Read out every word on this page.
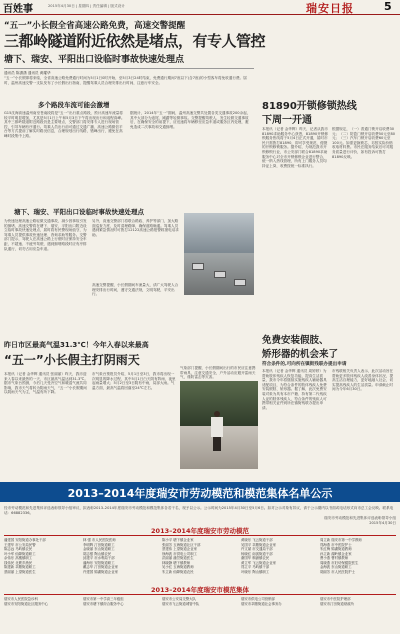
百姓事	2015年4月30日 | 星期四 | 责任编辑 | 版式设计	瑞安日报	5
“五一”小长假全省高速公路免费，高速交警提醒
三都岭隧道附近依然是堵点，有专人管控
塘下、瑞安、平阳出口设临时事故快速处理点
通讯员 陈潇潇 通讯员 黄耀华
“五一”小长假即将来临，全省高速公路免费通行时间为5月1日0时开始，至5月3日24时结束，免费通行期间7座以下(含7座)的小型客车将免收通行费。届时，温州高速交警一支队发布了小长假出行指南，提醒驾乘人员合理安排出行时间，注意行车安全。
多个路段车流可能会激增
G15沈海高速温州南至苍南段将是“五一”出行重点路段，预计高速车流量将较平时明显增加，尤其是5月1日上午和5月3日下午将出现出行和返程高峰。其中三都岭隧道附近路段仍是主要堵点，交警部门将安排专人进行现场管控，引导车辆有序通行。驾乘人员出行前可通过交通广播、高速公路微信平台等方式提前了解实时路况信息，合理规划出行线路，错峰出行，避免在高峰时段集中上路。
据统计，2014年“五一”期间，温州高速交警共处置各类交通事故200余起，其中大部分为追尾、剐蹭等轻微事故。交警提醒驾驶人，发生轻微交通事故后，在确保安全的前提下，应迅速将车辆移至应急车道或服务区内处理，避免造成二次事故和交通拥堵。
塘下、瑞安、平阳出口设临时事故快速处理点
为快速处理高速公路轻微交通事故，减少因事故引发的拥堵，高速交警将在塘下、瑞安、平阳出口附近设立临时事故快速处理点，届时将有民警现场值守，为驾乘人员提供事故快速处理、咨询求助等服务。交警部门提示，驾驶人在高速公路上行驶时应保持安全车距，不超速、不疲劳驾驶，遇到拥堵路段时应有序排队通行，切勿占用应急车道。
另外，高速交警部门将联合路政、养护等部门，加大路面巡查力度，及时清理路障，确保道路畅通。驾乘人员遇到紧急情况时可拨打12122高速公路报警救援电话求助。
高速交警提醒，小长假期间车流量大，请广大驾驶人合理安排出行时间，遵守交通法规，文明驾驶，平安出行。
81890开锁修锁热线
下周一开通
本报讯（记者 金华辉）昨天，记者从我市81890求助服务中心获悉，81890开锁修锁服务热线将于5月4日正式开通，届时市民只需拨打81890，即可享受规范、便捷的开锁修锁服务。据介绍，为规范我市开锁修锁行业，市公安部门联合81890求助服务中心对全市开锁修锁企业进行整合，统一纳入热线管理，所有上门服务人员均持证上岗，收费按统一标准执行。
根据规定，（一）普通门锁开启收费30元；（二）防盗门锁开启收费50元至80元；（三）汽车门锁开启收费60元至100元。如需更换锁芯，另按实际价格收取材料费。市民在服务结束后可对服务质量进行评价，如有投诉可拨打81890反映。
免费安装假肢、
矫形器的机会来了
符合条件的,可向所在镇街残联办提出申请
本报讯（记者 金华辉 通讯员 周婷婷）为帮助肢体残疾人恢复功能，提高生活质量，我市今年将继续实施残疾人辅助器具适配项目，为符合条件的肢体残疾人免费安装假肢、矫形器。据了解，此次免费安装对象为具有本市户籍、持有第二代残疾人证的肢体残疾人，符合条件的残疾人可携带相关证件到所在镇街残联办提出申请。
市残联相关负责人表示，此次活动旨在帮助更多肢体残疾人改善身体状况，提高生活自理能力，更好地融入社会，切实提高残疾人的生活质量。申请截止时间为今年6月30日。
昨日市区最高气温31.3℃！今年入春以来最高
“五一”小长假主打阴雨天
本报讯（记者 金华辉 通讯员 张丽丽）昨天，我市迎来入春以来最热的一天，市区最高气温达到31.3℃。据市气象台预测，今后几天受冷空气和暖湿气流共同影响，我市天气将转为阴雨天气，“五一”小长假期间以阴雨天气为主，气温有所下降。
市气象台预报员介绍，5月1日至3日，我市将出现一次明显的降水过程，其中5月1日白天阴有阵雨，夜里起雨量增大；5月2日至3日阴有中雨，局部大雨。气温方面，最高气温将回落至24℃左右。
气象部门提醒，小长假期间出行的市民应注意携带雨具，注意交通安全，户外活动应避开雷雨天气，谨防雷击等灾害。
2013–2014年度瑞安市劳动模范和模范集体名单公示
经市劳动模范和先进集体评选表彰领导小组审议，拟表彰2013–2014年度瑞安市劳动模范和模范集体各若干名，现予以公示。公示时间为2015年4月30日至5月6日。如对公示对象有异议，请于公示期内以书面或电话形式向市总工会反映。联系电话：66882336。
瑞安市劳动模范和先进集体评选表彰领导小组 2015年4月30日
2013–2014年度瑞安市劳动模范
潘建国 安阳街道办事处干部	林 强 市人民医院医师	陈小平 塘下镇企业家	黄晓东 飞云街道干部	周立新 瑞安市第一中学教师
王建华 市公安局民警	李明辉 汀田街道职工	张丽芳 玉海街道社区干部	吴国平 莘塍街道企业家	郑海燕 市中医院护士
陈志远 马屿镇农民	金晓丽 东山街道职工	蔡建伟 上望街道企业家	许文斌 市交通局干部	朱红梅 锦湖街道教师
叶小军 仙降街道职工	胡志强 陶山镇农民	徐海波 市供电公司职工	杨晓红 南滨街道干部	孙立新 湖岭镇企业家
余伟东 高楼镇职工	邱建平 市水利局干部	洪丽丽 潘岱街道医生	谢国华 桐浦镇农民	曹小燕 曹村镇教师
钱伟民 北麂乡渔民	潘海东 安阳街道职工	林晓静 塘下镇教师	黄立军 飞云街道企业家	周晓燕 市妇幼保健院医生
陈建新 莘塍街道职工	戴志华 汀田街道企业家	吴小红 玉海街道教师	郑立平 马屿镇干部	金海波 东山街道职工
蔡丽丽 上望街道医生	许建国 锦湖街道企业家	朱立新 仙降街道农民	叶晓东 陶山镇职工	胡丽芳 市人民医院护士
2013–2014年度瑞安市模范集体
瑞安市人民医院急诊科	瑞安市第一中学高三年级组	瑞安市公安局交警大队	瑞安市供电公司营销部	瑞安市中医院护理部
瑞安市安阳街道社区服务中心	瑞安市塘下镇综合服务中心	瑞安市飞云街道城管中队	瑞安市莘塍街道社会事务办	瑞安市汀田街道财政所
